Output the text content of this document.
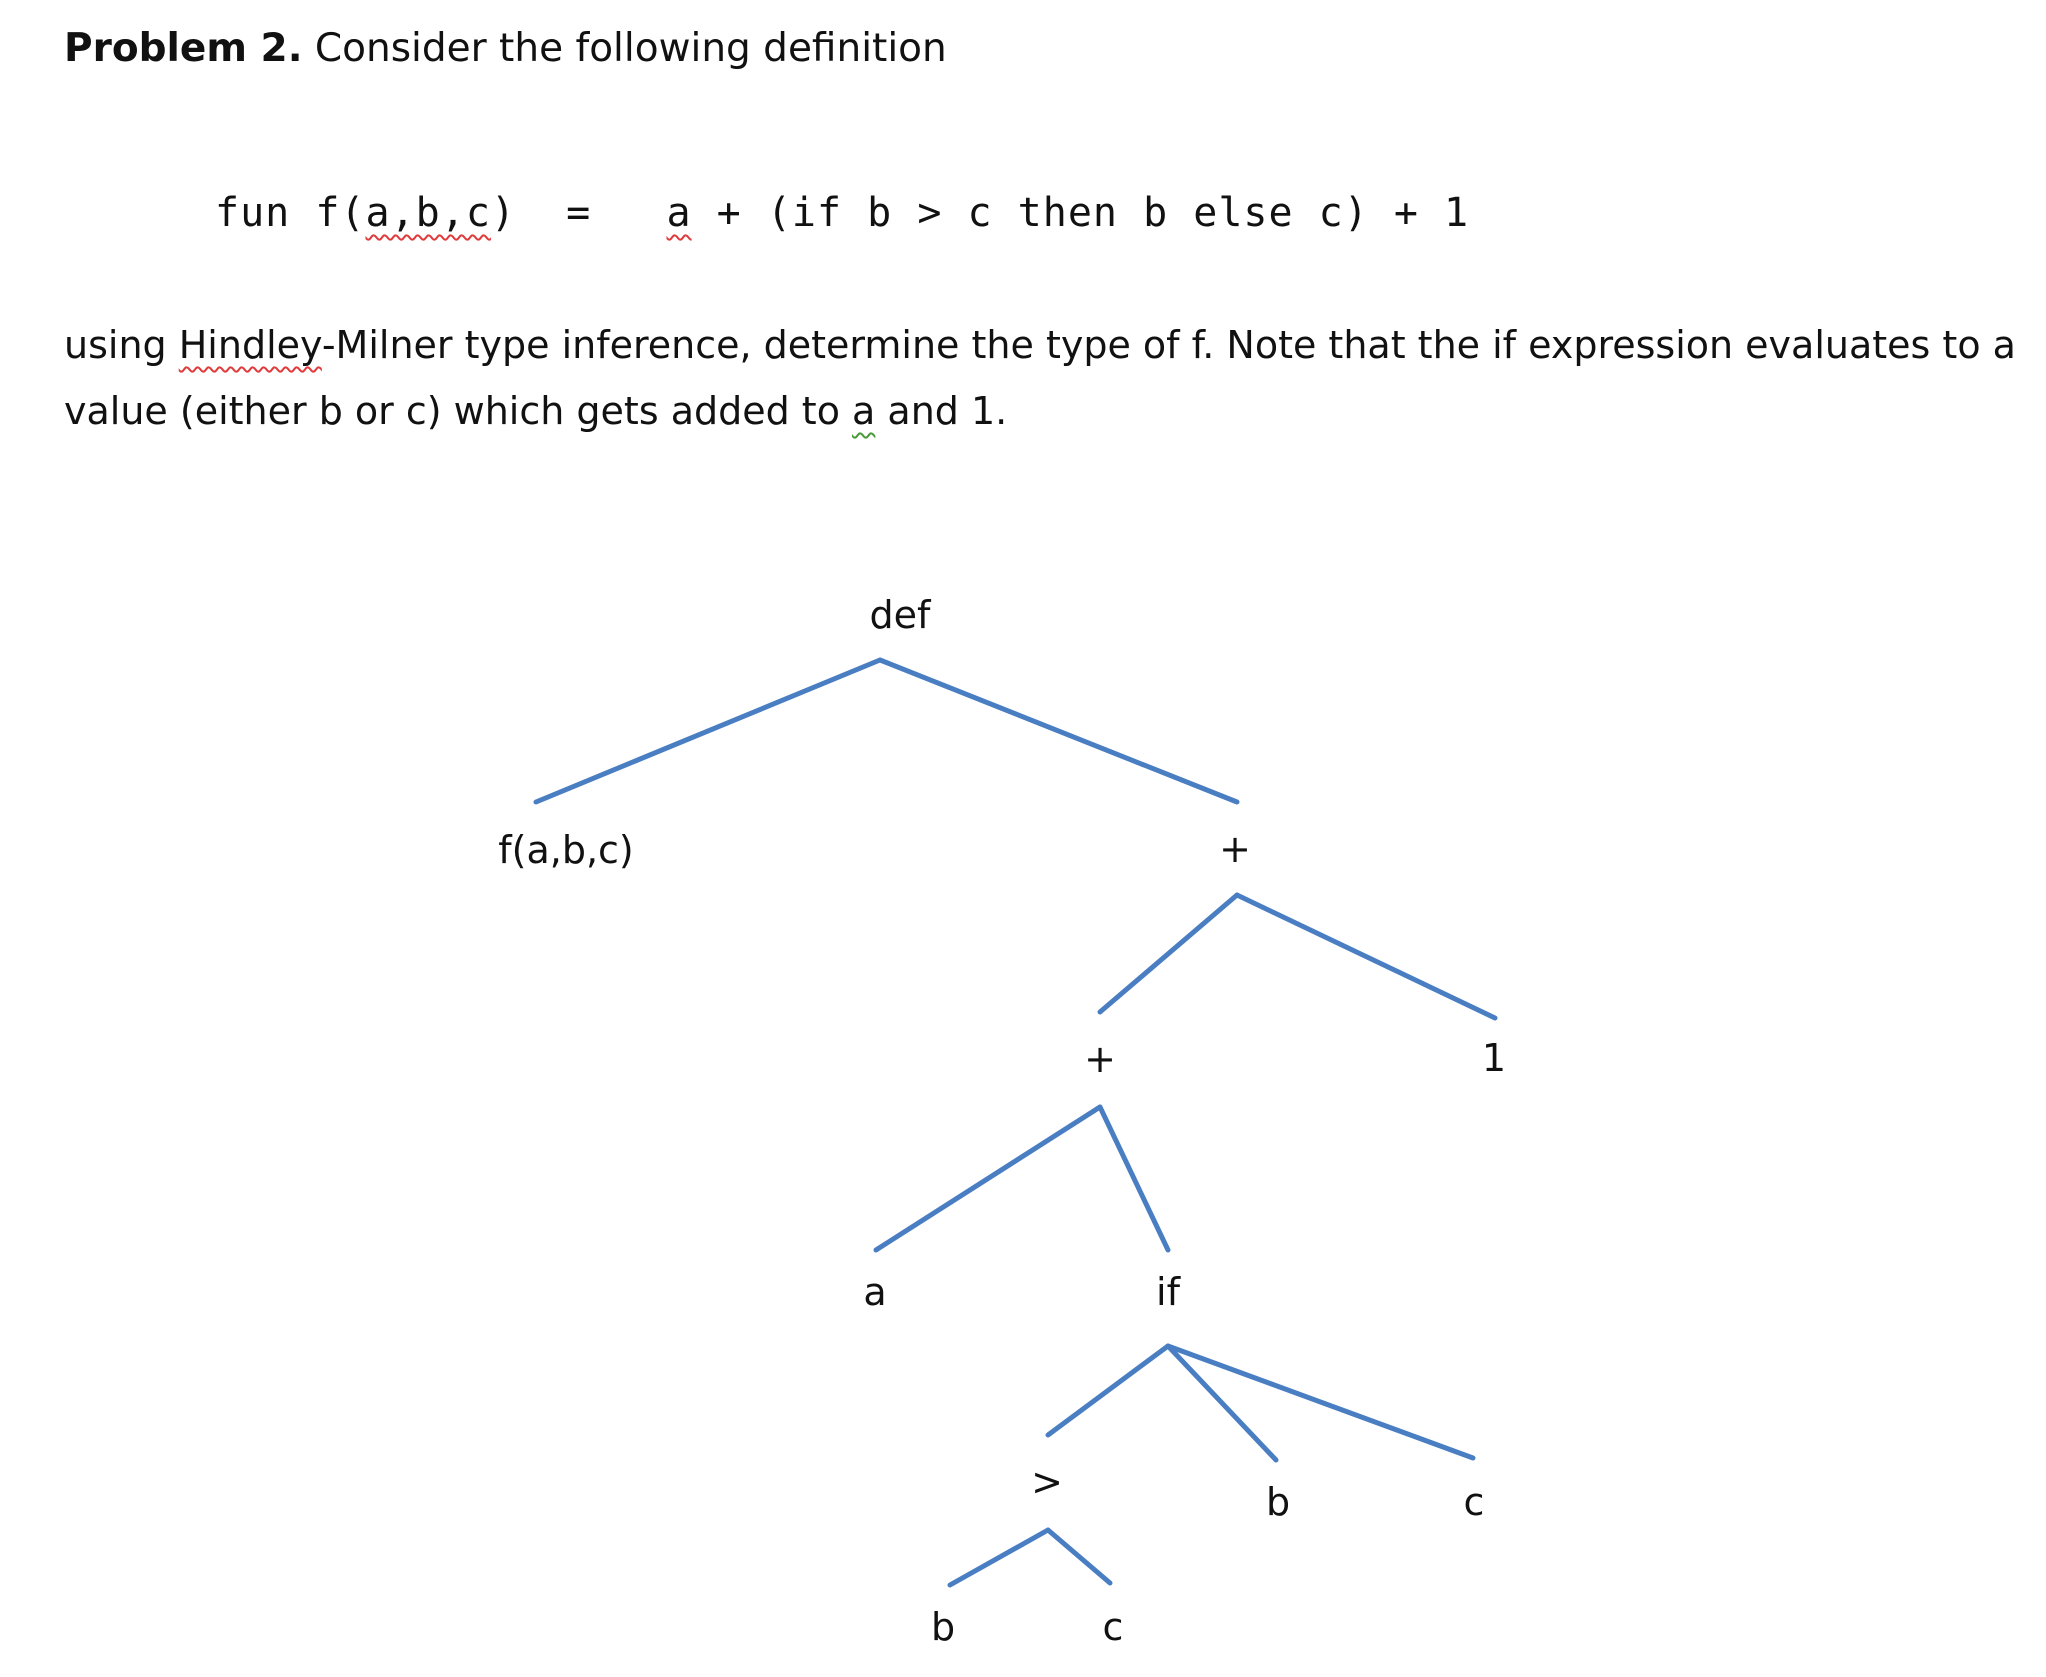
Problem 2. Consider the following definition
fun f(a,b,c)  =   a + (if b > c then b else c) + 1
using Hindley-Milner type inference, determine the type of f. Note that the if expression evaluates to a
value (either b or c) which gets added to a and 1.
def
f(a,b,c)	+
+	1
a	if
>	b	c
b	c
